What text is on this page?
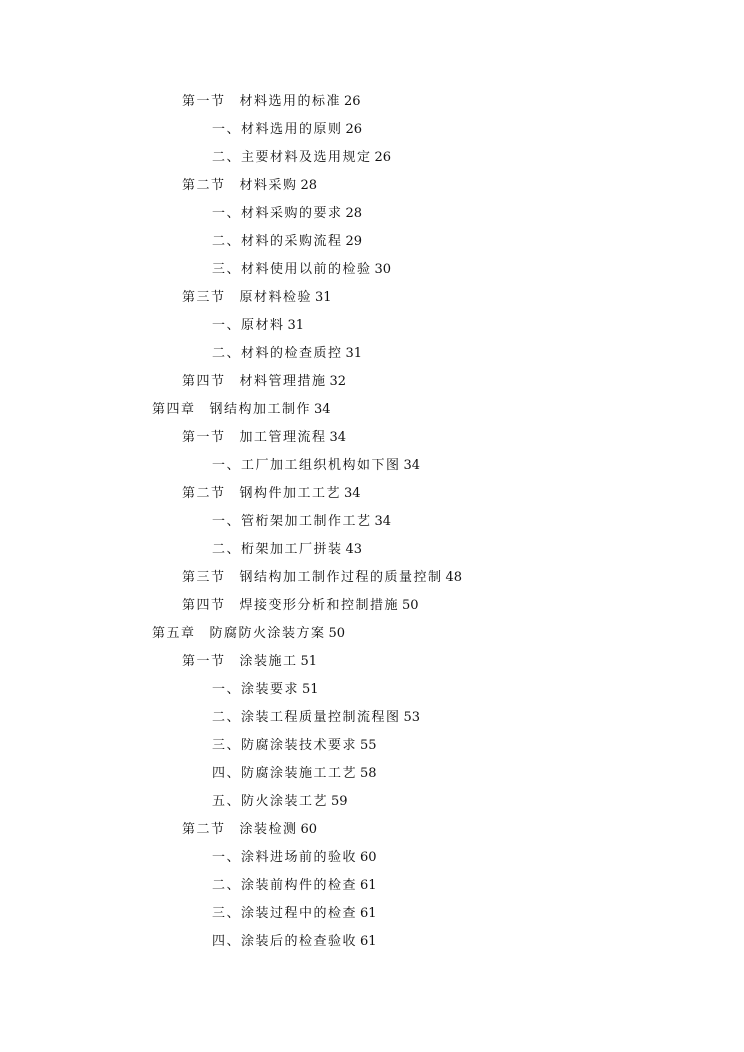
第一节 材料选用的标准 26
一、材料选用的原则 26
二、主要材料及选用规定 26
第二节 材料采购 28
一、材料采购的要求 28
二、材料的采购流程 29
三、材料使用以前的检验 30
第三节 原材料检验 31
一、原材料 31
二、材料的检查质控 31
第四节 材料管理措施 32
第四章 钢结构加工制作 34
第一节 加工管理流程 34
一、工厂加工组织机构如下图 34
第二节 钢构件加工工艺 34
一、管桁架加工制作工艺 34
二、桁架加工厂拼装 43
第三节 钢结构加工制作过程的质量控制 48
第四节 焊接变形分析和控制措施 50
第五章 防腐防火涂装方案 50
第一节 涂装施工 51
一、涂装要求 51
二、涂装工程质量控制流程图 53
三、防腐涂装技术要求 55
四、防腐涂装施工工艺 58
五、防火涂装工艺 59
第二节 涂装检测 60
一、涂料进场前的验收 60
二、涂装前构件的检查 61
三、涂装过程中的检查 61
四、涂装后的检查验收 61
